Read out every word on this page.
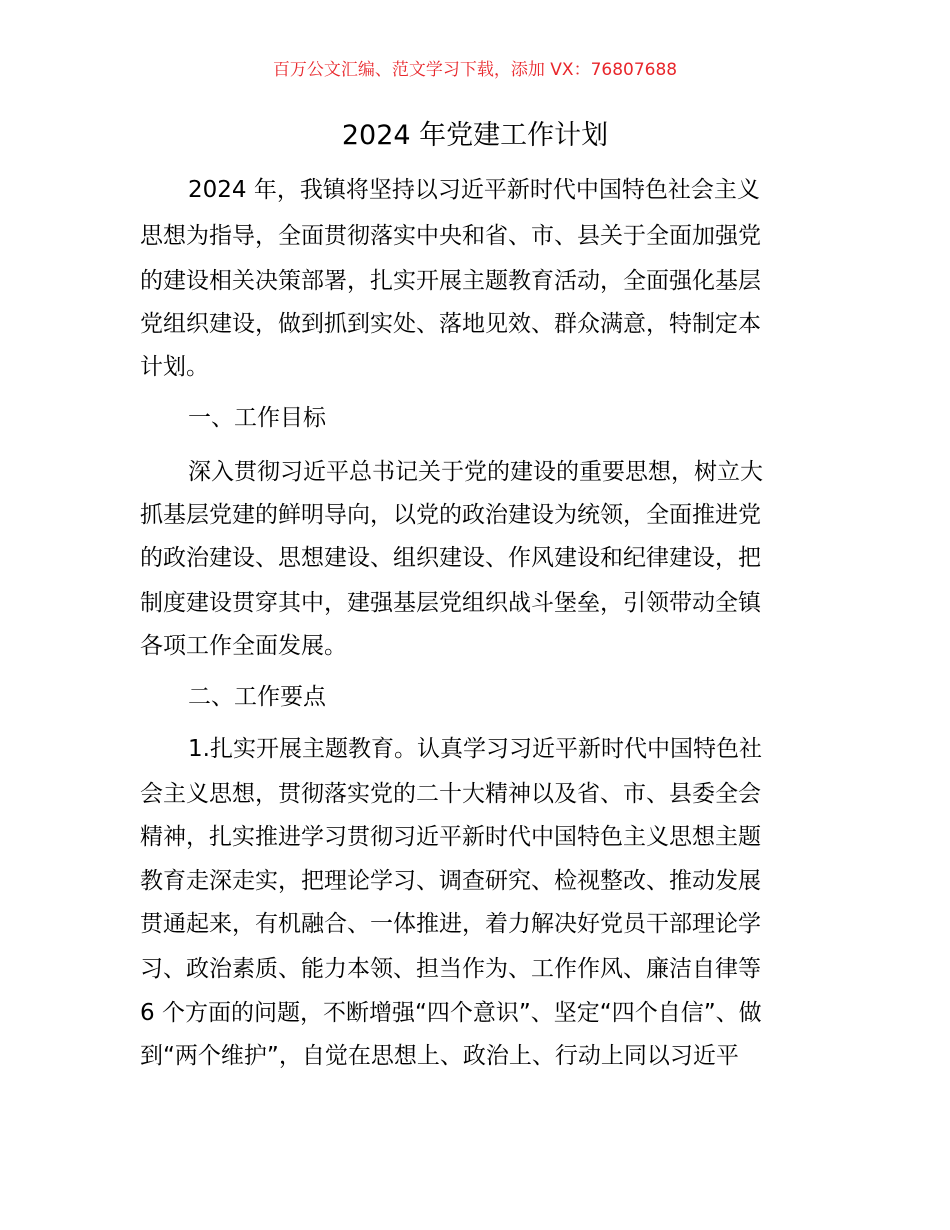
百万公文汇编、范文学习下载，添加 VX：76807688
2024 年党建工作计划
2024 年，我镇将坚持以习近平新时代中国特色社会主义
思想为指导，全面贯彻落实中央和省、市、县关于全面加强党
的建设相关决策部署，扎实开展主题教育活动，全面强化基层
党组织建设，做到抓到实处、落地见效、群众满意，特制定本
计划。
一、工作目标
深入贯彻习近平总书记关于党的建设的重要思想，树立大
抓基层党建的鲜明导向，以党的政治建设为统领，全面推进党
的政治建设、思想建设、组织建设、作风建设和纪律建设，把
制度建设贯穿其中，建强基层党组织战斗堡垒，引领带动全镇
各项工作全面发展。
二、工作要点
1.扎实开展主题教育。认真学习习近平新时代中国特色社
会主义思想，贯彻落实党的二十大精神以及省、市、县委全会
精神，扎实推进学习贯彻习近平新时代中国特色主义思想主题
教育走深走实，把理论学习、调查研究、检视整改、推动发展
贯通起来，有机融合、一体推进，着力解决好党员干部理论学
习、政治素质、能力本领、担当作为、工作作风、廉洁自律等
6 个方面的问题，不断增强“四个意识”、坚定“四个自信”、做
到“两个维护”，自觉在思想上、政治上、行动上同以习近平
